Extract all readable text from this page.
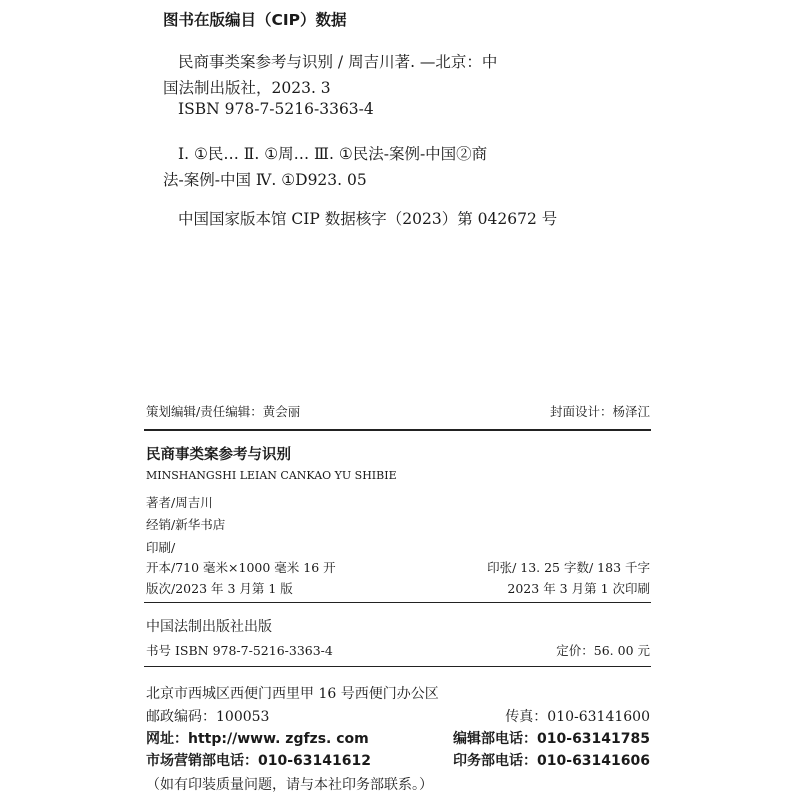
图书在版编目（CIP）数据
民商事类案参考与识别 / 周吉川著. —北京：中
国法制出版社，2023. 3
ISBN 978-7-5216-3363-4
Ⅰ. ①民… Ⅱ. ①周… Ⅲ. ①民法-案例-中国②商
法-案例-中国 Ⅳ. ①D923. 05
中国国家版本馆 CIP 数据核字（2023）第 042672 号
策划编辑/责任编辑：黄会丽	封面设计：杨泽江
民商事类案参考与识别
MINSHANGSHI LEIAN CANKAO YU SHIBIE
著者/周吉川
经销/新华书店
印刷/
开本/710 毫米×1000 毫米 16 开	印张/ 13. 25 字数/ 183 千字
版次/2023 年 3 月第 1 版	2023 年 3 月第 1 次印刷
中国法制出版社出版
书号 ISBN 978-7-5216-3363-4	定价：56. 00 元
北京市西城区西便门西里甲 16 号西便门办公区
邮政编码：100053	传真：010-63141600
网址：http://www. zgfzs. com	编辑部电话：010-63141785
市场营销部电话：010-63141612	印务部电话：010-63141606
（如有印装质量问题，请与本社印务部联系。）
